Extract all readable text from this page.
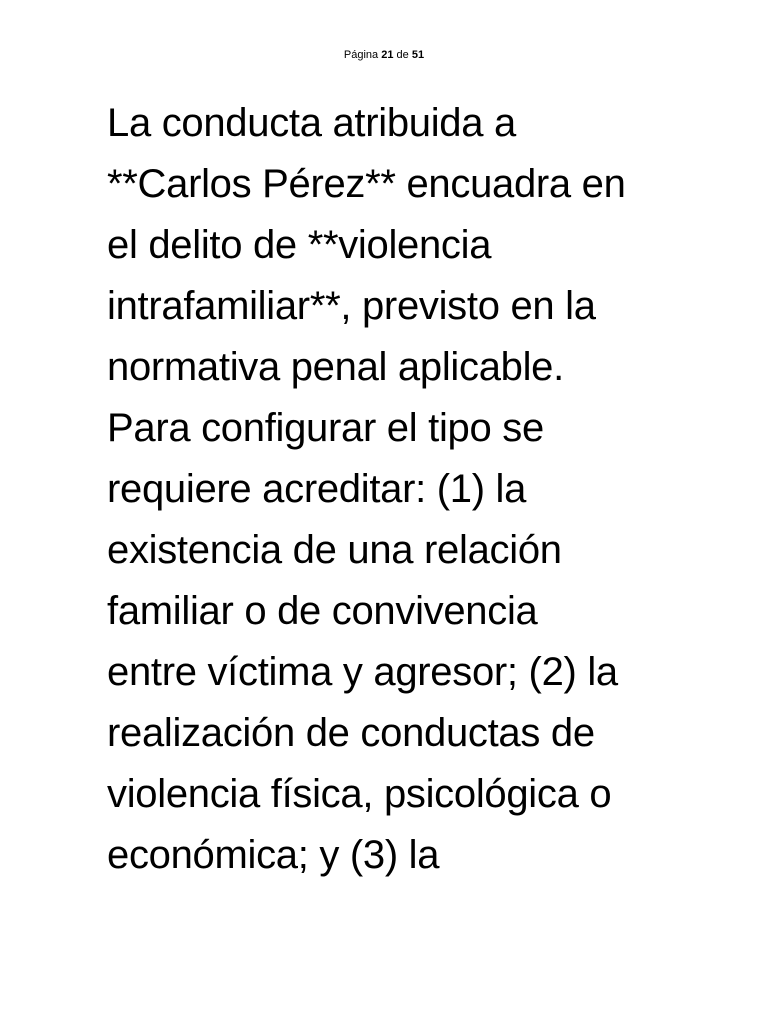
Página 21 de 51
La conducta atribuida a
**Carlos Pérez** encuadra en
el delito de **violencia
intrafamiliar**, previsto en la
normativa penal aplicable.
Para configurar el tipo se
requiere acreditar: (1) la
existencia de una relación
familiar o de convivencia
entre víctima y agresor; (2) la
realización de conductas de
violencia física, psicológica o
económica; y (3) la
